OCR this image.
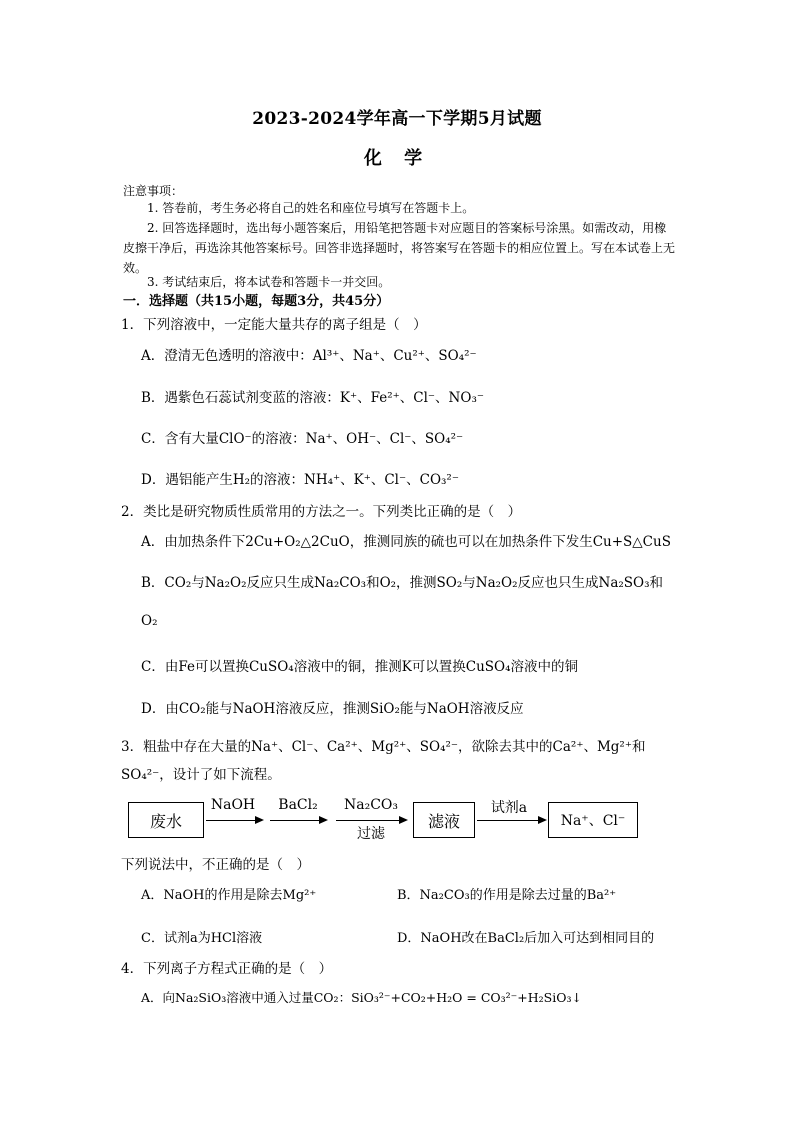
2023-2024学年高一下学期5月试题
化 学
注意事项：
1. 答卷前，考生务必将自己的姓名和座位号填写在答题卡上。
2. 回答选择题时，选出每小题答案后，用铅笔把答题卡对应题目的答案标号涂黑。如需改动，用橡皮擦干净后，再选涂其他答案标号。回答非选择题时，将答案写在答题卡的相应位置上。写在本试卷上无效。
3. 考试结束后，将本试卷和答题卡一并交回。
一．选择题（共15小题，每题3分，共45分）
1．下列溶液中，一定能大量共存的离子组是（　）
A．澄清无色透明的溶液中：Al³⁺、Na⁺、Cu²⁺、SO₄²⁻
B．遇紫色石蕊试剂变蓝的溶液：K⁺、Fe²⁺、Cl⁻、NO₃⁻
C．含有大量ClO⁻的溶液：Na⁺、OH⁻、Cl⁻、SO₄²⁻
D．遇铝能产生H₂的溶液：NH₄⁺、K⁺、Cl⁻、CO₃²⁻
2．类比是研究物质性质常用的方法之一。下列类比正确的是（　）
A．由加热条件下2Cu+O₂△2CuO，推测同族的硫也可以在加热条件下发生Cu+S△CuS
B．CO₂与Na₂O₂反应只生成Na₂CO₃和O₂，推测SO₂与Na₂O₂反应也只生成Na₂SO₃和
O₂
C．由Fe可以置换CuSO₄溶液中的铜，推测K可以置换CuSO₄溶液中的铜
D．由CO₂能与NaOH溶液反应，推测SiO₂能与NaOH溶液反应
3．粗盐中存在大量的Na⁺、Cl⁻、Ca²⁺、Mg²⁺、SO₄²⁻，欲除去其中的Ca²⁺、Mg²⁺和SO₄²⁻，设计了如下流程。
废水
NaOH	BaCl₂	Na₂CO₃
过滤
滤液
试剂a
Na⁺、Cl⁻
下列说法中，不正确的是（　）
A．NaOH的作用是除去Mg²⁺	B．Na₂CO₃的作用是除去过量的Ba²⁺
C．试剂a为HCl溶液	D．NaOH改在BaCl₂后加入可达到相同目的
4．下列离子方程式正确的是（　）
A．向Na₂SiO₃溶液中通入过量CO₂：SiO₃²⁻+CO₂+H₂O = CO₃²⁻+H₂SiO₃↓
